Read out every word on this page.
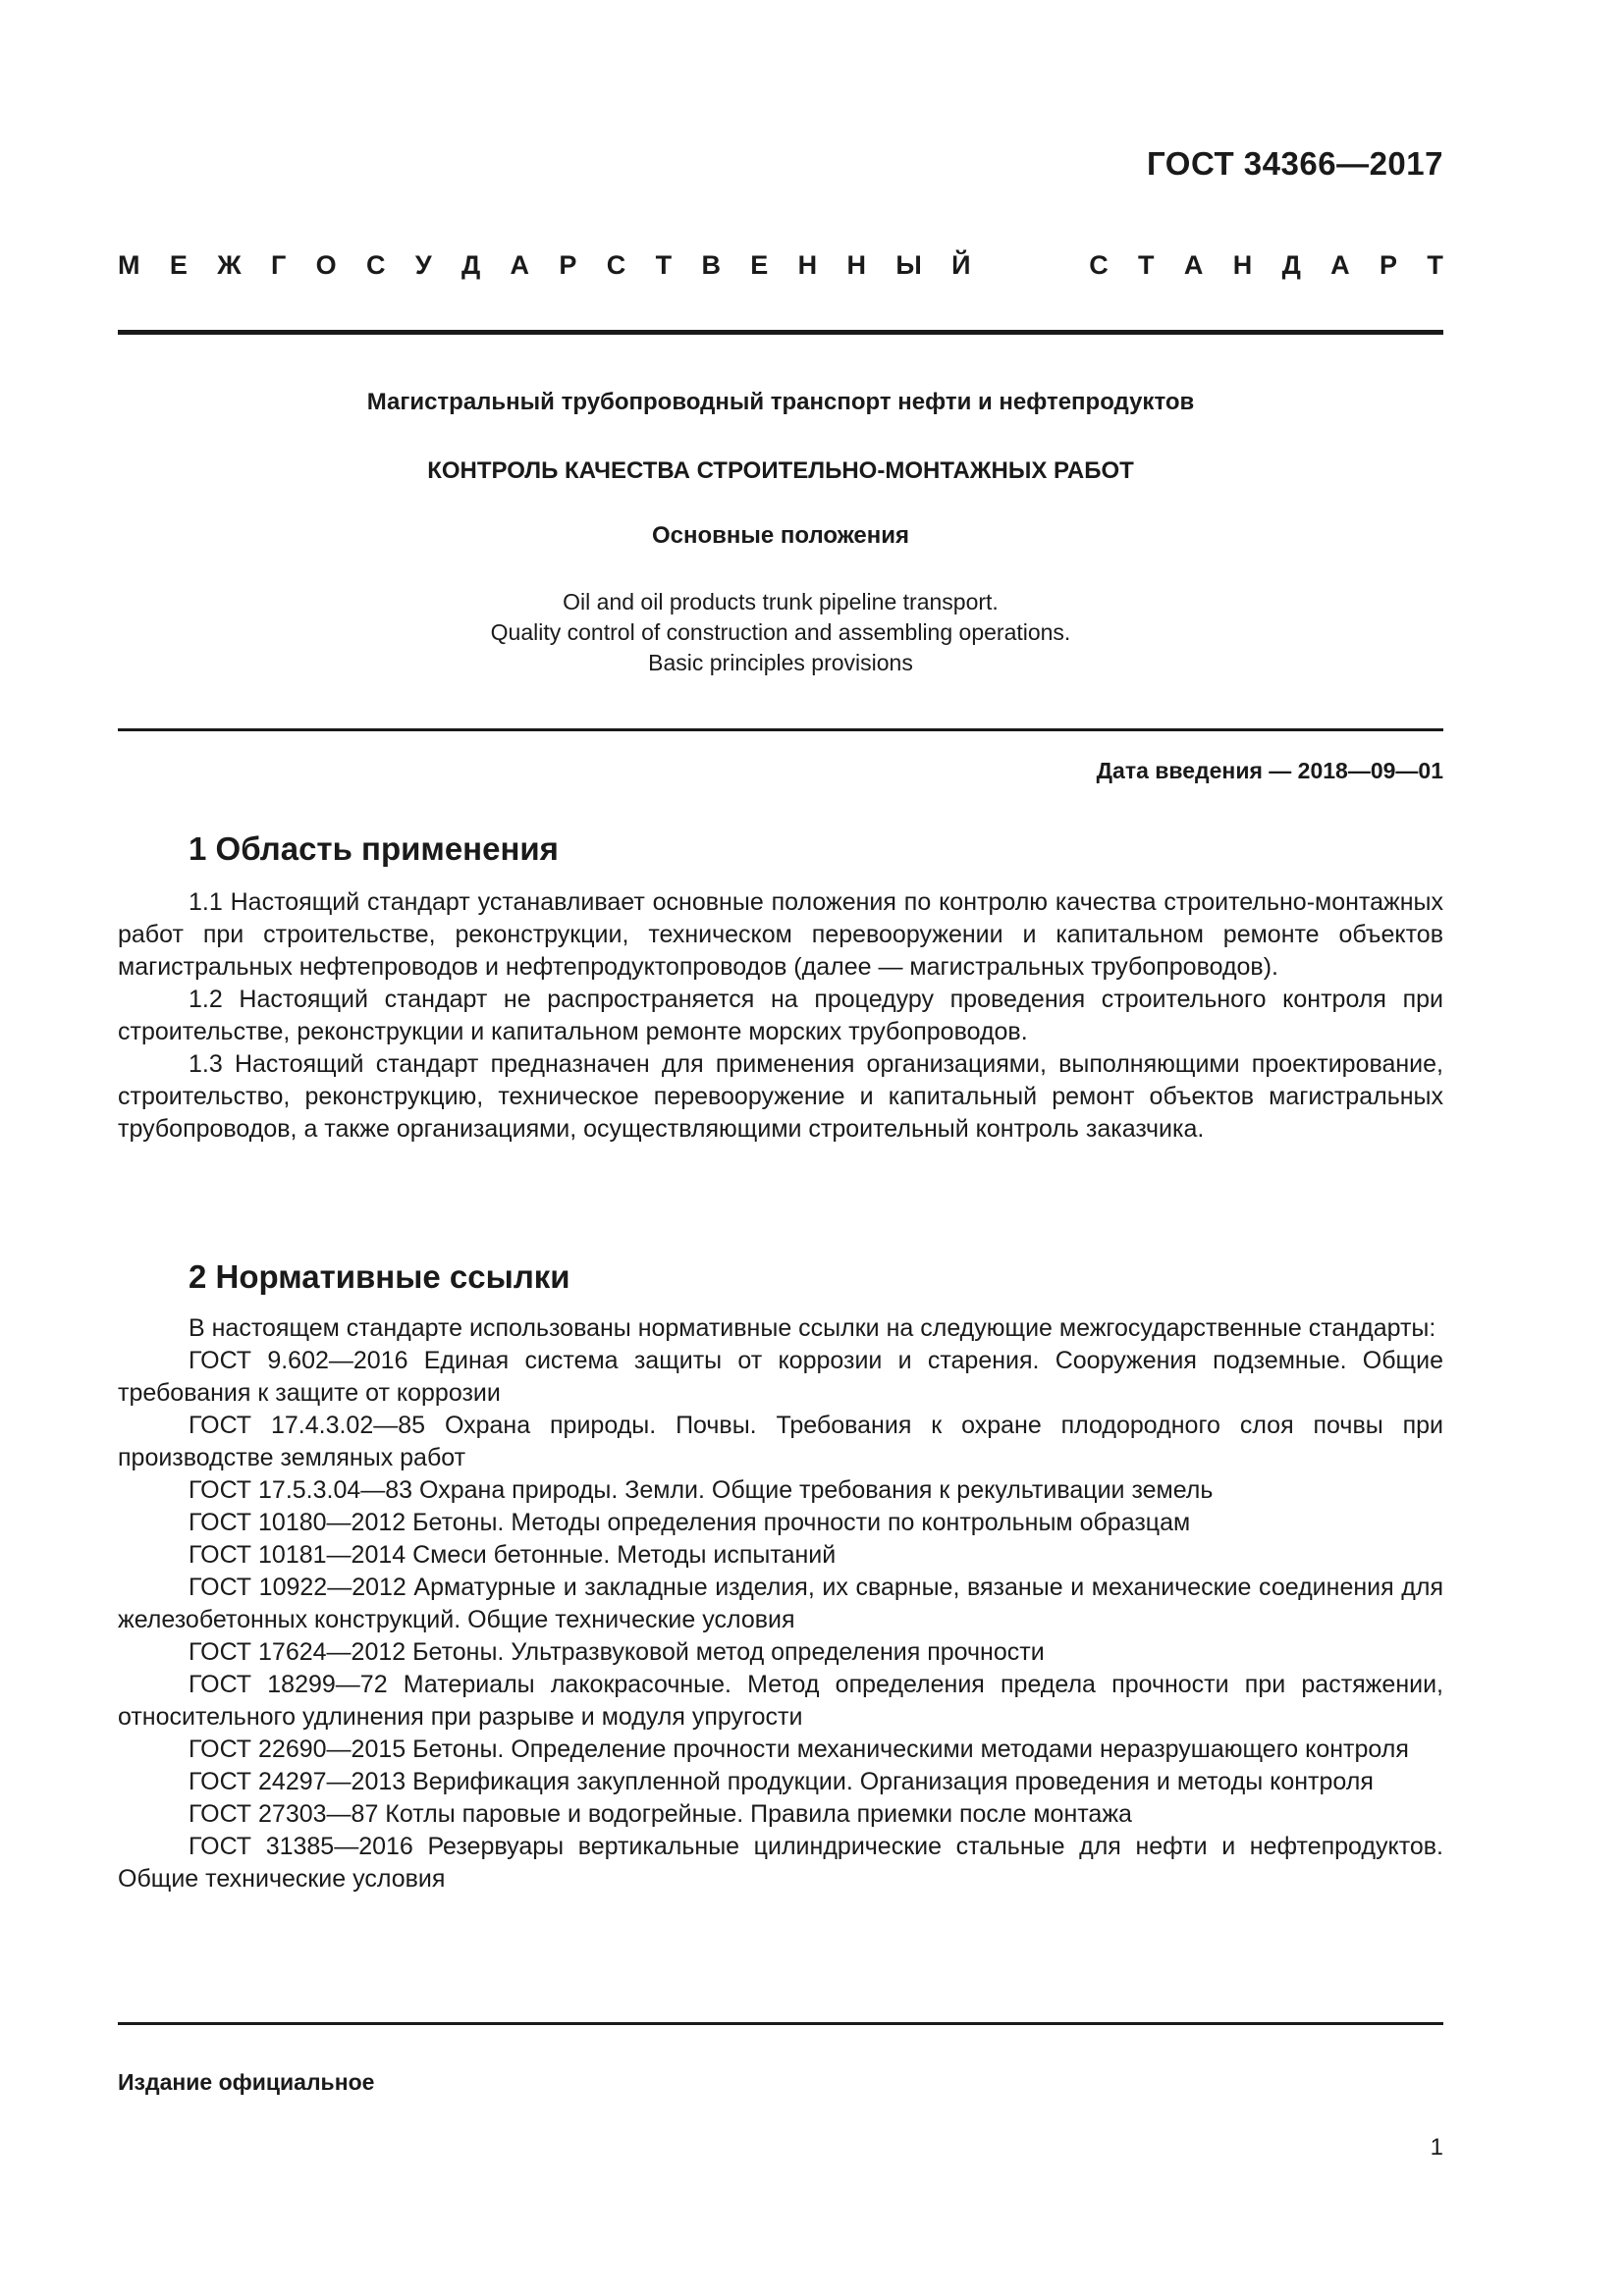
ГОСТ 34366—2017
М Е Ж Г О С У Д А Р С Т В Е Н Н Ы Й	С Т А Н Д А Р Т
Магистральный трубопроводный транспорт нефти и нефтепродуктов
КОНТРОЛЬ КАЧЕСТВА СТРОИТЕЛЬНО-МОНТАЖНЫХ РАБОТ
Основные положения
Oil and oil products trunk pipeline transport.
Quality control of construction and assembling operations.
Basic principles provisions
Дата введения — 2018—09—01
1 Область применения

1.1 Настоящий стандарт устанавливает основные положения по контролю качества строительно-монтажных работ при строительстве, реконструкции, техническом перевооружении и капитальном ремонте объектов магистральных нефтепроводов и нефтепродуктопроводов (далее — магистральных трубопроводов).

1.2 Настоящий стандарт не распространяется на процедуру проведения строительного контроля при строительстве, реконструкции и капитальном ремонте морских трубопроводов.

1.3 Настоящий стандарт предназначен для применения организациями, выполняющими проектирование, строительство, реконструкцию, техническое перевооружение и капитальный ремонт объектов магистральных трубопроводов, а также организациями, осуществляющими строительный контроль заказчика.

2 Нормативные ссылки

В настоящем стандарте использованы нормативные ссылки на следующие межгосударственные стандарты:

ГОСТ 9.602—2016 Единая система защиты от коррозии и старения. Сооружения подземные. Общие требования к защите от коррозии

ГОСТ 17.4.3.02—85 Охрана природы. Почвы. Требования к охране плодородного слоя почвы при производстве земляных работ

ГОСТ 17.5.3.04—83 Охрана природы. Земли. Общие требования к рекультивации земель

ГОСТ 10180—2012 Бетоны. Методы определения прочности по контрольным образцам

ГОСТ 10181—2014 Смеси бетонные. Методы испытаний

ГОСТ 10922—2012 Арматурные и закладные изделия, их сварные, вязаные и механические соединения для железобетонных конструкций. Общие технические условия

ГОСТ 17624—2012 Бетоны. Ультразвуковой метод определения прочности

ГОСТ 18299—72 Материалы лакокрасочные. Метод определения предела прочности при растяжении, относительного удлинения при разрыве и модуля упругости

ГОСТ 22690—2015 Бетоны. Определение прочности механическими методами неразрушающего контроля

ГОСТ 24297—2013 Верификация закупленной продукции. Организация проведения и методы контроля

ГОСТ 27303—87 Котлы паровые и водогрейные. Правила приемки после монтажа

ГОСТ 31385—2016 Резервуары вертикальные цилиндрические стальные для нефти и нефтепродуктов. Общие технические условия

Издание официальное
1
